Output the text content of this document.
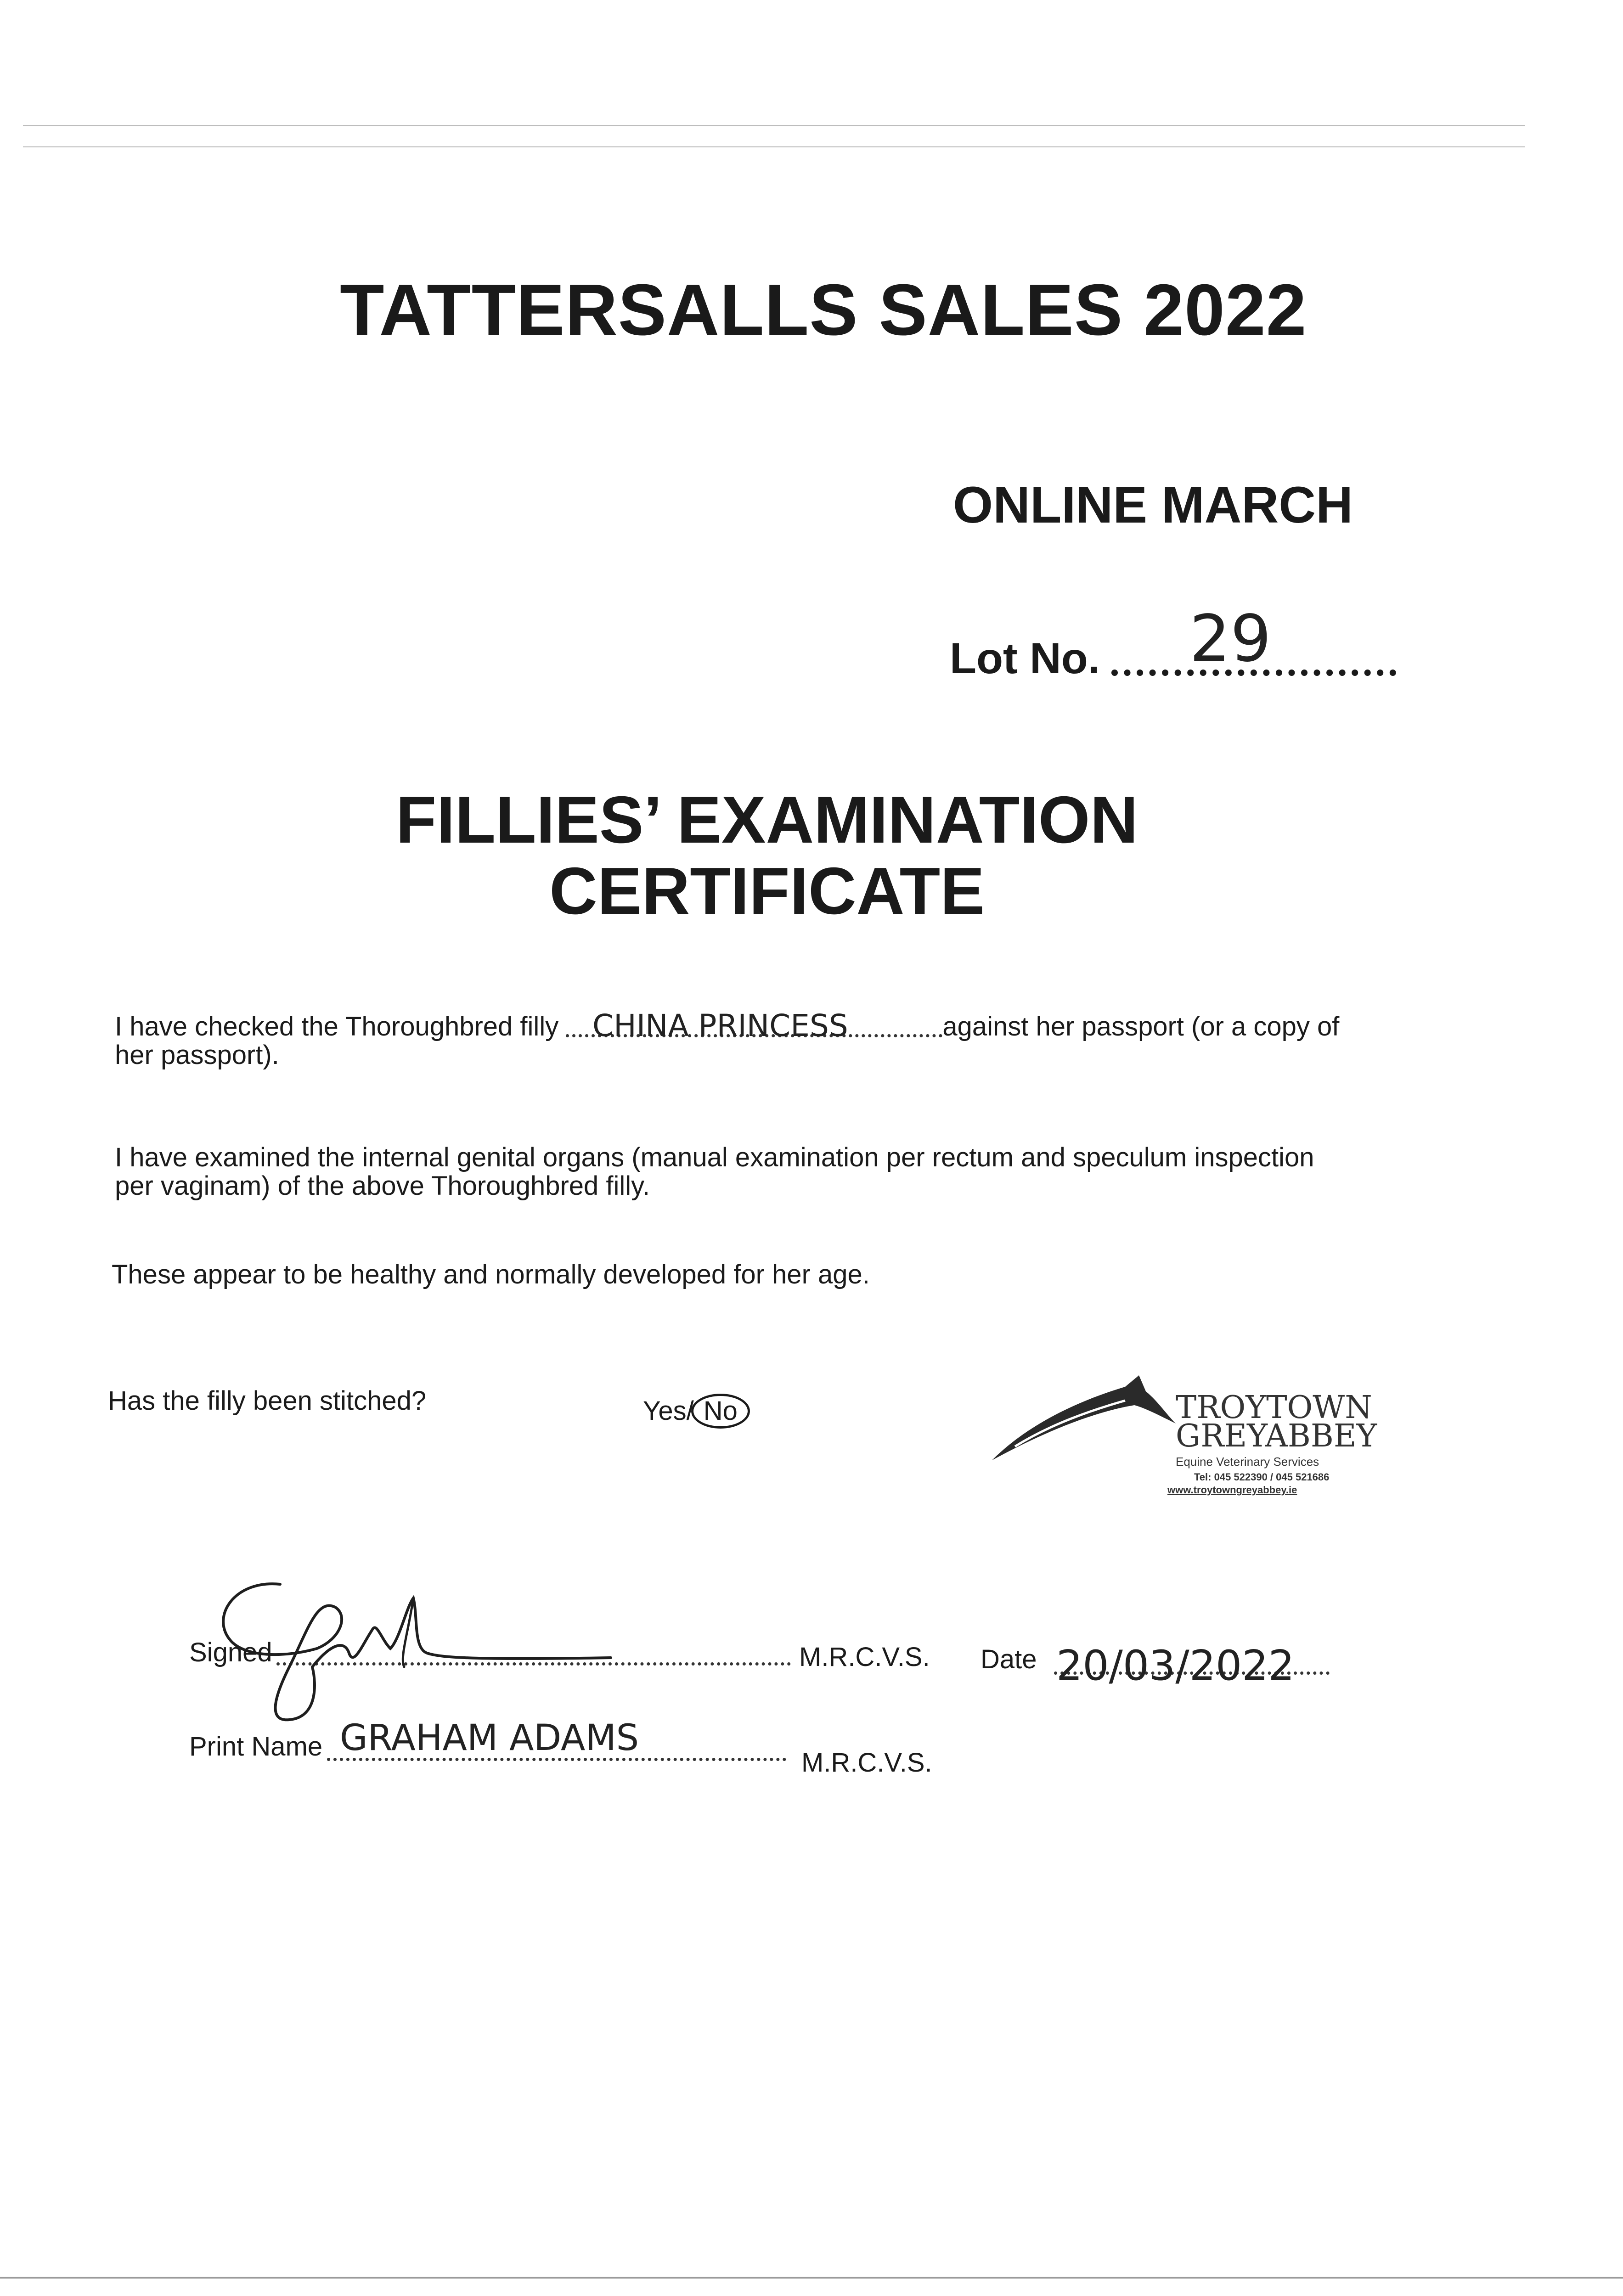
TATTERSALLS SALES 2022
ONLINE MARCH
Lot No.	29
FILLIES’ EXAMINATION
CERTIFICATE
I have checked the Thoroughbred filly	against her passport (or a copy of
her passport).
CHINA PRINCESS
I have examined the internal genital organs (manual examination per rectum and speculum inspection
per vaginam) of the above Thoroughbred filly.
These appear to be healthy and normally developed for her age.
Has the filly been stitched?	Yes/ No	TROYTOWN
GREYABBEY
Equine Veterinary Services
Tel: 045 522390 / 045 521686
www.troytowngreyabbey.ie
Signed	M.R.C.V.S. Date 20/03/2022
Print Name GRAHAM ADAMS
M.R.C.V.S.
